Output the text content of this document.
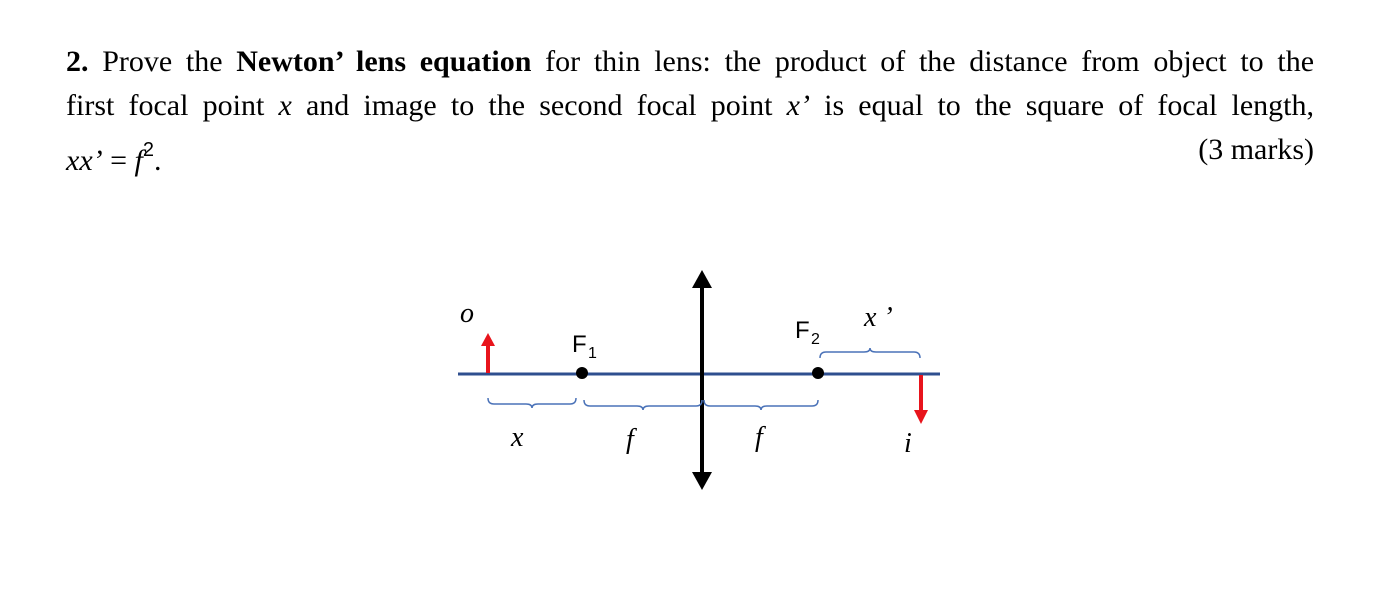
2. Prove the Newton’ lens equation for thin lens: the product of the distance from object to the
first focal point x and image to the second focal point x’ is equal to the square of focal length,
xx’ = $f^2$.	(3 marks)
o
i
x	f	f
x ’
F 1
F 2
